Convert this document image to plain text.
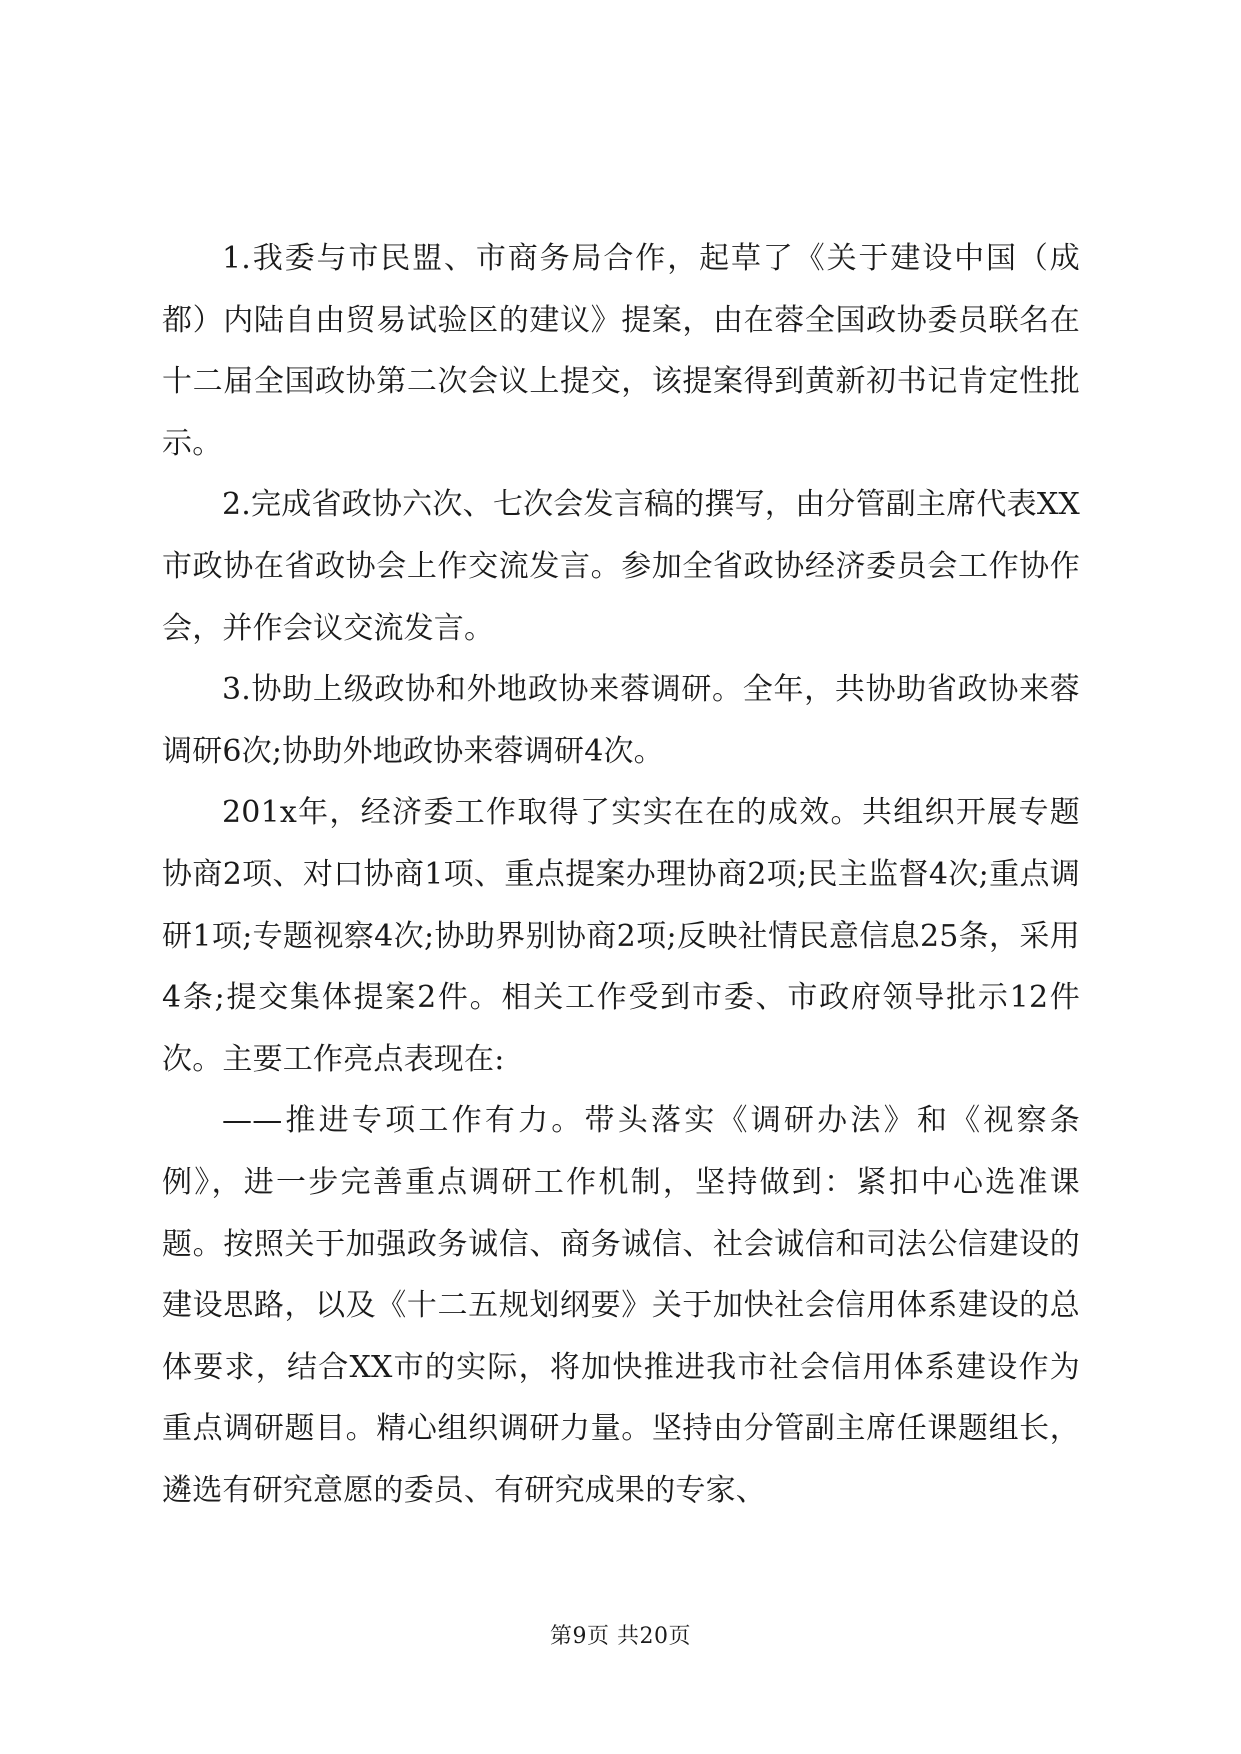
1.我委与市民盟、市商务局合作，起草了《关于建设中国（成都）内陆自由贸易试验区的建议》提案，由在蓉全国政协委员联名在十二届全国政协第二次会议上提交，该提案得到黄新初书记肯定性批示。

2.完成省政协六次、七次会发言稿的撰写，由分管副主席代表XX市政协在省政协会上作交流发言。参加全省政协经济委员会工作协作会，并作会议交流发言。

3.协助上级政协和外地政协来蓉调研。全年，共协助省政协来蓉调研6次;协助外地政协来蓉调研4次。

201x年，经济委工作取得了实实在在的成效。共组织开展专题协商2项、对口协商1项、重点提案办理协商2项;民主监督4次;重点调研1项;专题视察4次;协助界别协商2项;反映社情民意信息25条，采用4条;提交集体提案2件。相关工作受到市委、市政府领导批示12件次。主要工作亮点表现在:

——推进专项工作有力。带头落实《调研办法》和《视察条例》，进一步完善重点调研工作机制，坚持做到：紧扣中心选准课题。按照关于加强政务诚信、商务诚信、社会诚信和司法公信建设的建设思路，以及《十二五规划纲要》关于加快社会信用体系建设的总体要求，结合XX市的实际，将加快推进我市社会信用体系建设作为重点调研题目。精心组织调研力量。坚持由分管副主席任课题组长，遴选有研究意愿的委员、有研究成果的专家、

第9页 共20页
